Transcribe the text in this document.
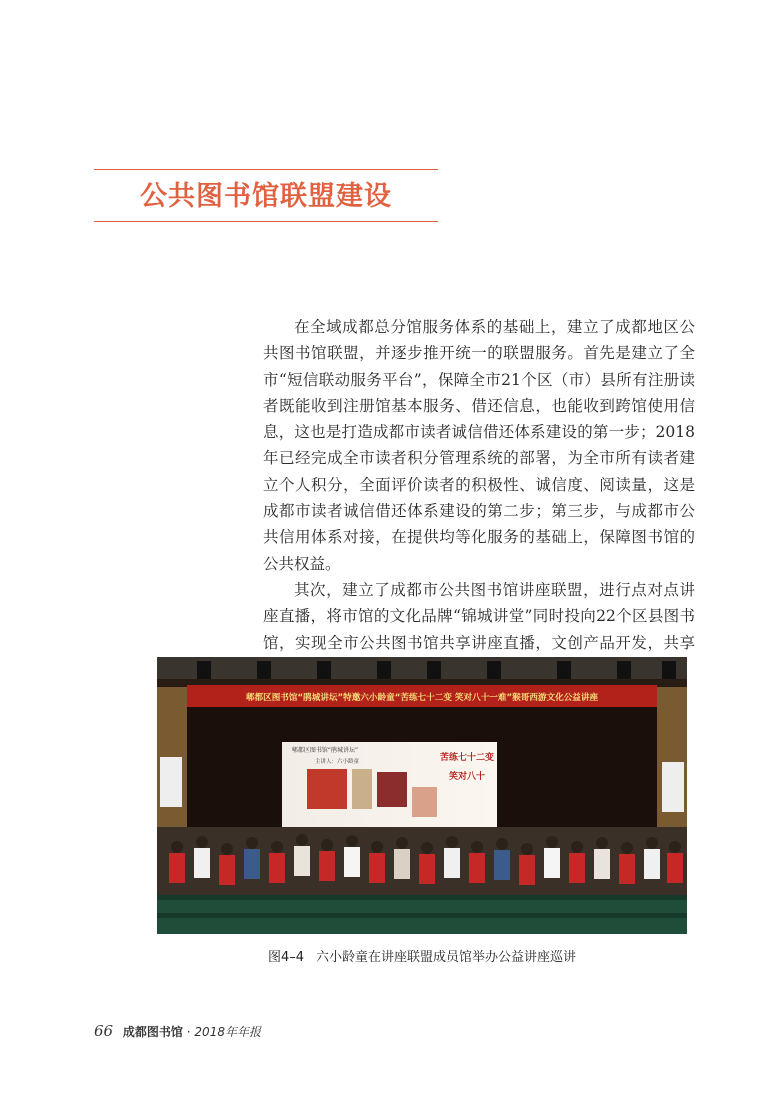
公共图书馆联盟建设

在全域成都总分馆服务体系的基础上，建立了成都地区公共图书馆联盟，并逐步推开统一的联盟服务。首先是建立了全市“短信联动服务平台”，保障全市21个区（市）县所有注册读者既能收到注册馆基本服务、借还信息，也能收到跨馆使用信息，这也是打造成都市读者诚信借还体系建设的第一步；2018年已经完成全市读者积分管理系统的部署，为全市所有读者建立个人积分，全面评价读者的积极性、诚信度、阅读量，这是成都市读者诚信借还体系建设的第二步；第三步，与成都市公共信用体系对接，在提供均等化服务的基础上，保障图书馆的公共权益。

其次，建立了成都市公共图书馆讲座联盟，进行点对点讲座直播，将市馆的文化品牌“锦城讲堂”同时投向22个区县图书馆，实现全市公共图书馆共享讲座直播，文创产品开发，共享

郫都区图书馆“鹃城讲坛”特邀六小龄童“苦练七十二变 笑对八十一难”猴哥西游文化公益讲座
郫都区图书馆“鹃城讲坛”
主讲人：六小龄童	苦练七十二变
笑对八十
图4–4 六小龄童在讲座联盟成员馆举办公益讲座巡讲
66 成都图书馆 · 2018年年报
